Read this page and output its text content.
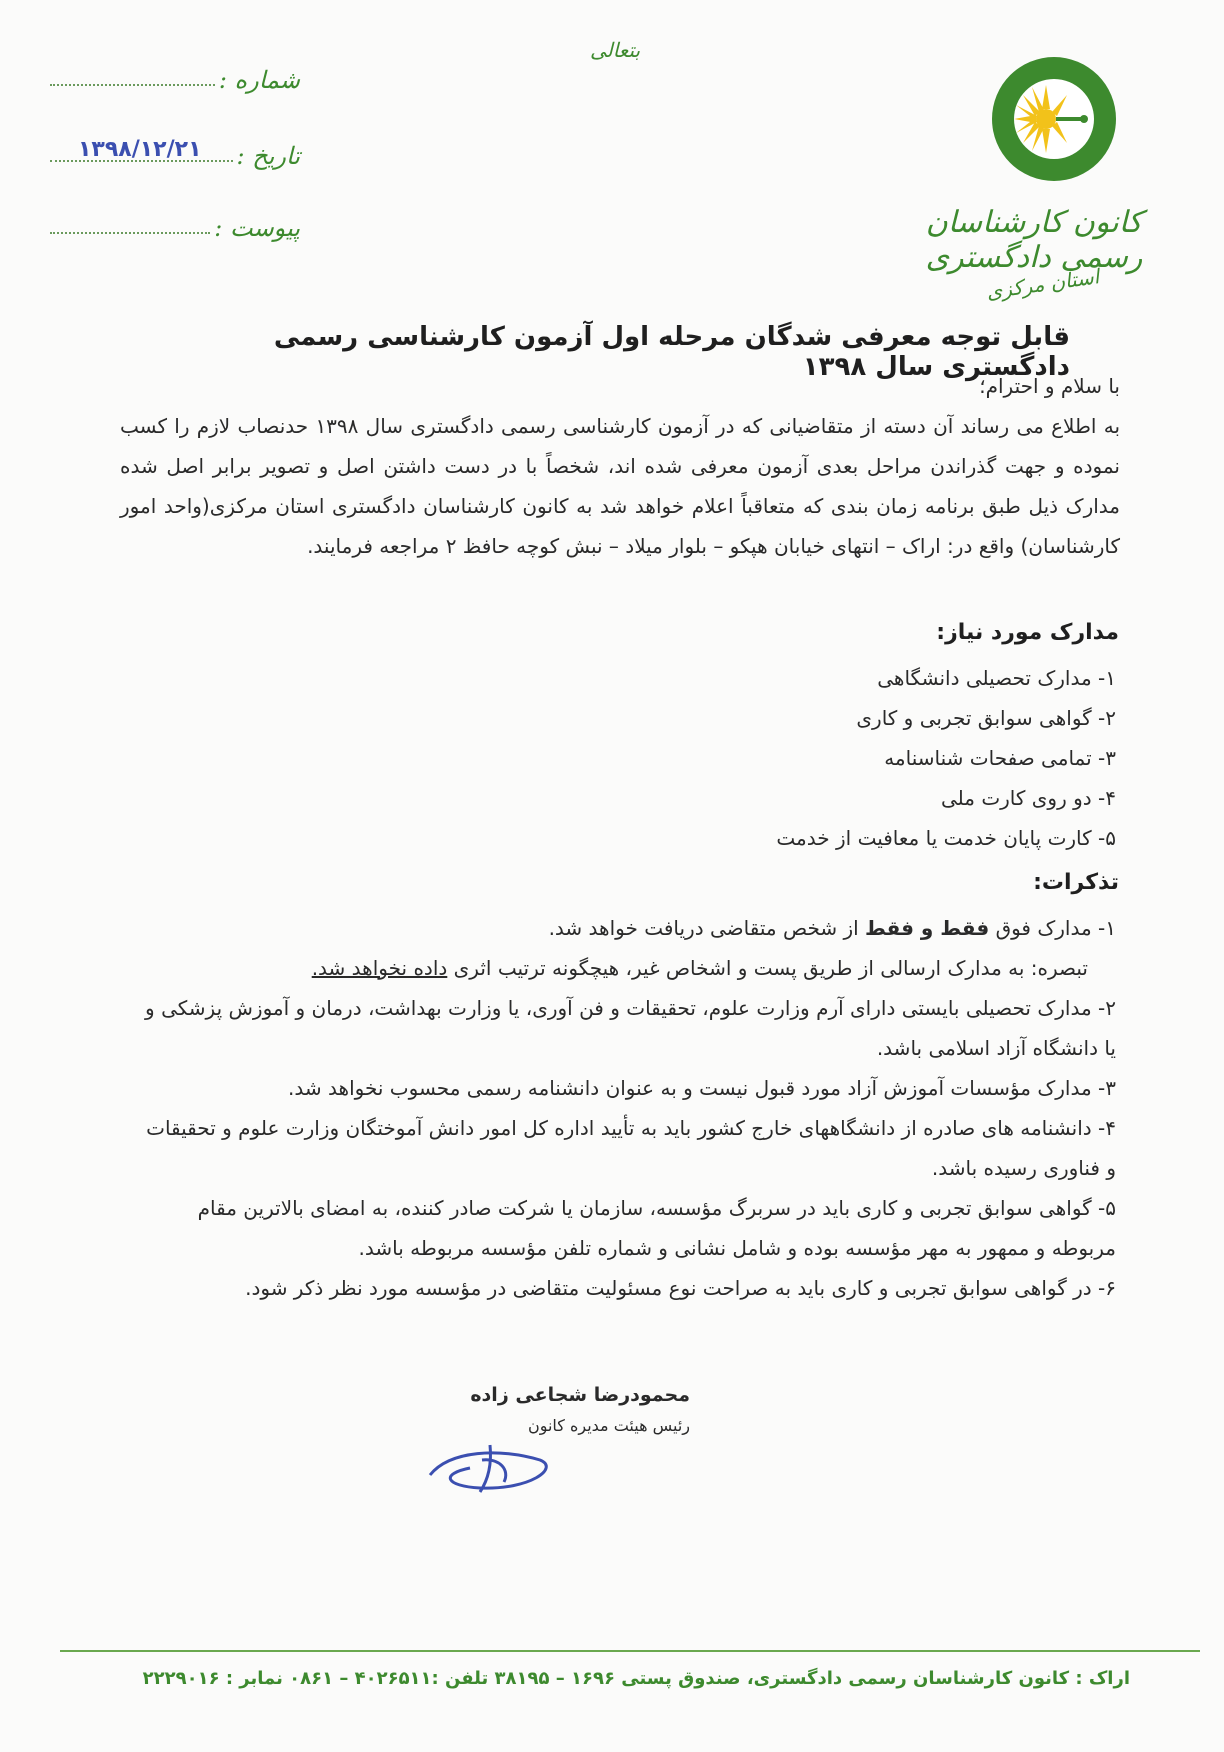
بتعالی
شماره :
تاریخ :
۱۳۹۸/۱۲/۲۱
پیوست :	کانون کارشناسان رسمی دادگستری
استان مرکزی
قابل توجه معرفی شدگان مرحله اول آزمون کارشناسی رسمی دادگستری سال ۱۳۹۸
با سلام و احترام؛
به اطلاع می رساند آن دسته از متقاضیانی که در آزمون کارشناسی رسمی دادگستری سال ۱۳۹۸ حدنصاب لازم را کسب نموده و جهت گذراندن مراحل بعدی آزمون معرفی شده اند، شخصاً با در دست داشتن اصل و تصویر برابر اصل شده مدارک ذیل طبق برنامه زمان بندی که متعاقباً اعلام خواهد شد به کانون کارشناسان دادگستری استان مرکزی(واحد امور کارشناسان) واقع در: اراک – انتهای خیابان هپکو – بلوار میلاد – نبش کوچه حافظ ۲ مراجعه فرمایند.
مدارک مورد نیاز:
۱- مدارک تحصیلی دانشگاهی
۲- گواهی سوابق تجربی و کاری
۳- تمامی صفحات شناسنامه
۴- دو روی کارت ملی
۵- کارت پایان خدمت یا معافیت از خدمت
تذکرات:
۱- مدارک فوق فقط و فقط از شخص متقاضی دریافت خواهد شد.
تبصره: به مدارک ارسالی از طریق پست و اشخاص غیر، هیچگونه ترتیب اثری داده نخواهد شد.
۲- مدارک تحصیلی بایستی دارای آرم وزارت علوم، تحقیقات و فن آوری، یا وزارت بهداشت، درمان و آموزش پزشکی و یا دانشگاه آزاد اسلامی باشد.
۳- مدارک مؤسسات آموزش آزاد مورد قبول نیست و به عنوان دانشنامه رسمی محسوب نخواهد شد.
۴- دانشنامه های صادره از دانشگاههای خارج کشور باید به تأیید اداره کل امور دانش آموختگان وزارت علوم و تحقیقات و فناوری رسیده باشد.
۵- گواهی سوابق تجربی و کاری باید در سربرگ مؤسسه، سازمان یا شرکت صادر کننده، به امضای بالاترین مقام مربوطه و ممهور به مهر مؤسسه بوده و شامل نشانی و شماره تلفن مؤسسه مربوطه باشد.
۶- در گواهی سوابق تجربی و کاری باید به صراحت نوع مسئولیت متقاضی در مؤسسه مورد نظر ذکر شود.
محمودرضا شجاعی زاده
رئیس هیئت مدیره کانون
اراک : کانون کارشناسان رسمی دادگستری، صندوق پستی ۱۶۹۶ – ۳۸۱۹۵ تلفن :۴۰۲۶۵۱۱ – ۰۸۶۱ نمابر : ۲۲۲۹۰۱۶
